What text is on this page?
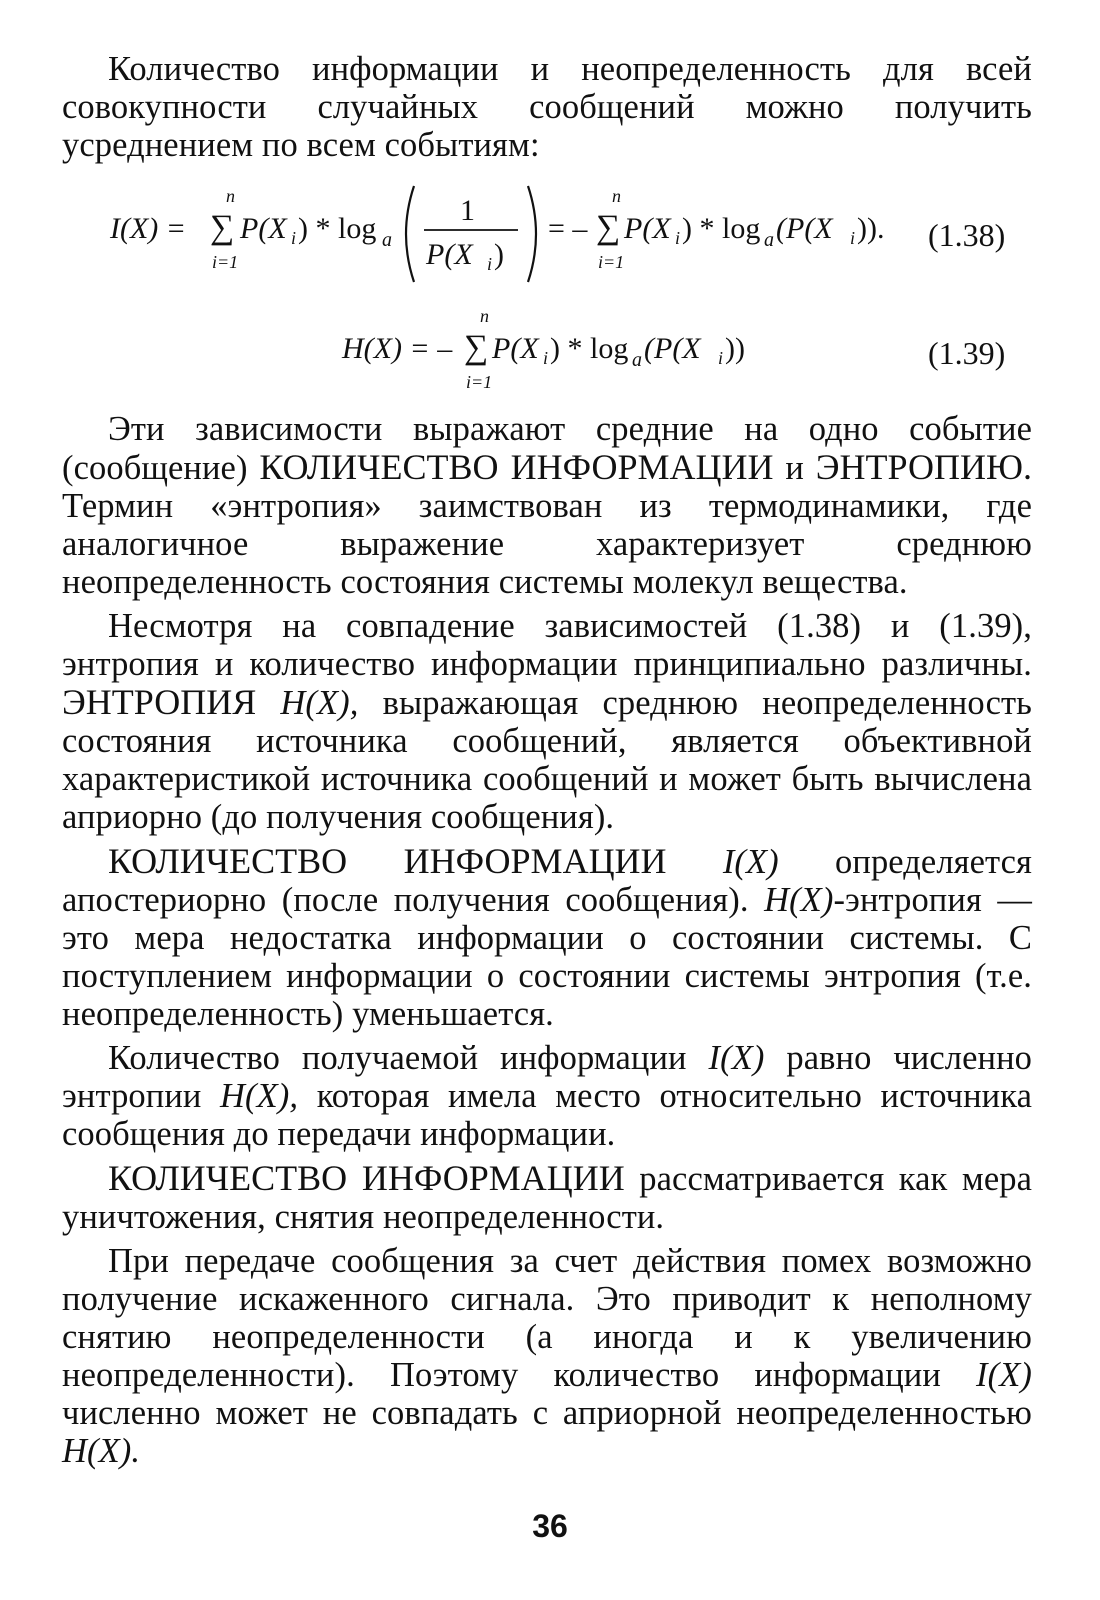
Количество информации и неопределенность для всей совокупности случайных сообщений можно получить усреднением по всем событиям:

I(X) =
n
∑
i=1
P(X i ) * log a
1
P(X i )
= –
n
∑
i=1
P(X i ) * log a (P(X i )). (1.38)
H(X) = –
n
∑
i=1
P(X i ) * log a (P(X i ))	(1.39)

Эти зависимости выражают средние на одно событие (сообщение) КОЛИЧЕСТВО ИНФОРМАЦИИ и ЭНТРОПИЮ. Термин «энтропия» заимствован из термодинамики, где аналогичное выражение характеризует среднюю неопределенность состояния системы молекул вещества.

Несмотря на совпадение зависимостей (1.38) и (1.39), энтропия и количество информации принципиально различны. ЭНТРОПИЯ H(X), выражающая среднюю неопределенность состояния источника сообщений, является объективной характеристикой источника сообщений и может быть вычислена априорно (до получения сообщения).

КОЛИЧЕСТВО ИНФОРМАЦИИ I(X) определяется апостериорно (после получения сообщения). H(X)-энтропия — это мера недостатка информации о состоянии системы. С поступлением информации о состоянии системы энтропия (т.е. неопределенность) уменьшается.

Количество получаемой информации I(X) равно численно энтропии H(X), которая имела место относительно источника сообщения до передачи информации.

КОЛИЧЕСТВО ИНФОРМАЦИИ рассматривается как мера уничтожения, снятия неопределенности.

При передаче сообщения за счет действия помех возможно получение искаженного сигнала. Это приводит к неполному снятию неопределенности (а иногда и к увеличению неопределенности). Поэтому количество информации I(X) численно может не совпадать с априорной неопределенностью H(X).

36
